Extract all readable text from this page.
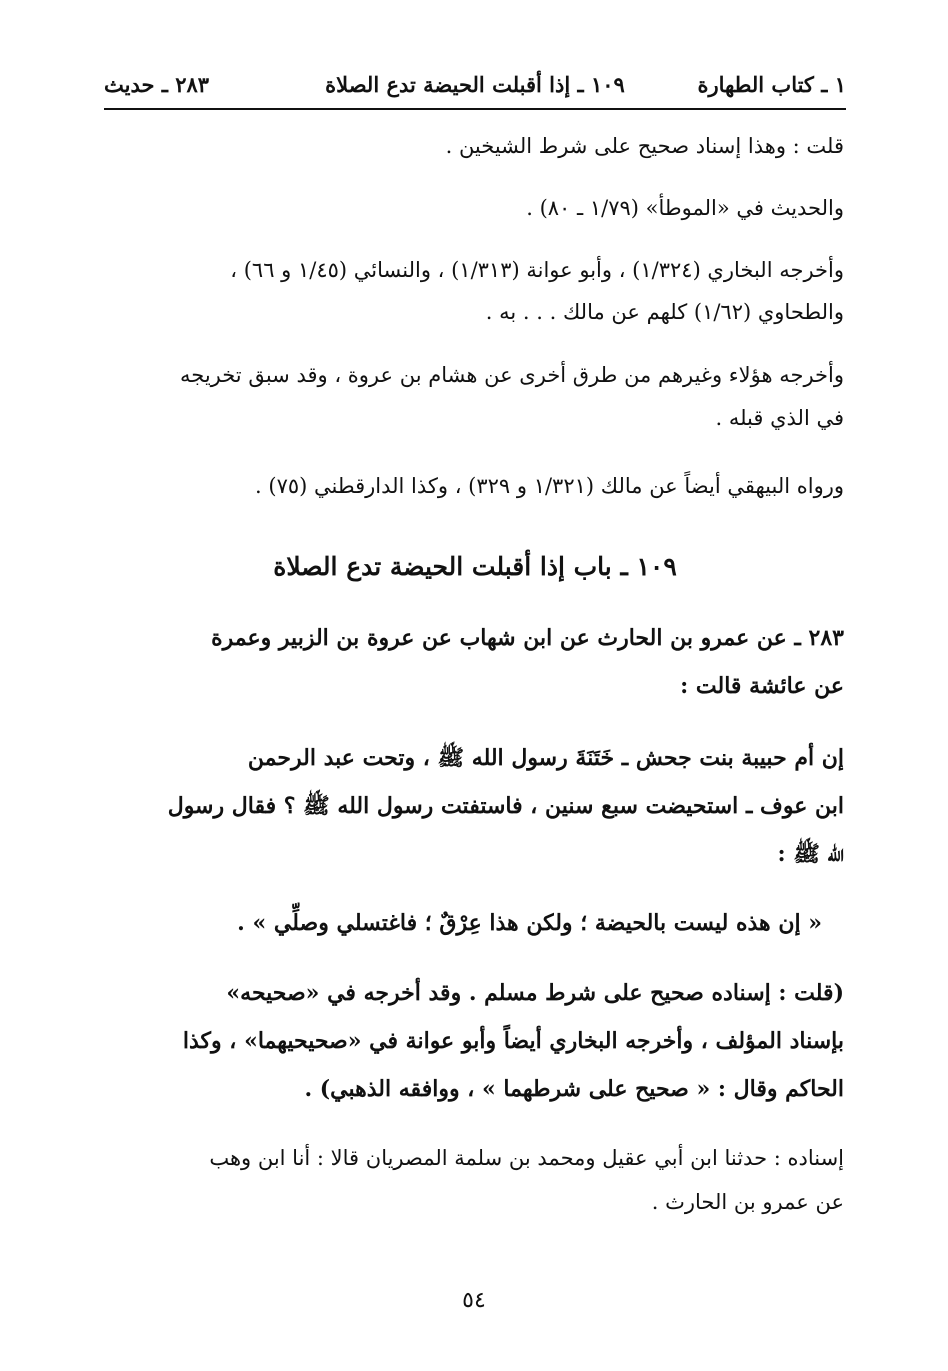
١ ـ كتاب الطهارة
١٠٩ ـ إذا أقبلت الحيضة تدع الصلاة
٢٨٣ ـ حديث
قلت : وهذا إسناد صحيح على شرط الشيخين .
والحديث في «الموطأ» (١/٧٩ ـ ٨٠) .
وأخرجه البخاري (١/٣٢٤) ، وأبو عوانة (١/٣١٣) ، والنسائي (١/٤٥ و ٦٦) ،
والطحاوي (١/٦٢) كلهم عن مالك . . . به .
وأخرجه هؤلاء وغيرهم من طرق أخرى عن هشام بن عروة ، وقد سبق تخريجه
في الذي قبله .
ورواه البيهقي أيضاً عن مالك (١/٣٢١ و ٣٢٩) ، وكذا الدارقطني (٧٥) .
١٠٩ ـ باب إذا أقبلت الحيضة تدع الصلاة
٢٨٣ ـ عن عمرو بن الحارث عن ابن شهاب عن عروة بن الزبير وعمرة
عن عائشة قالت :
إن أم حبيبة بنت جحش ـ خَتَنَةَ رسول الله ﷺ ، وتحت عبد الرحمن
ابن عوف ـ استحيضت سبع سنين ، فاستفتت رسول الله ﷺ ؟ فقال رسول
الله ﷺ :
« إن هذه ليست بالحيضة ؛ ولكن هذا عِرْقٌ ؛ فاغتسلي وصلِّي » .
(قلت : إسناده صحيح على شرط مسلم . وقد أخرجه في «صحيحه»
بإسناد المؤلف ، وأخرجه البخاري أيضاً وأبو عوانة في «صحيحيهما» ، وكذا
الحاكم وقال : « صحيح على شرطهما » ، ووافقه الذهبي) .
إسناده : حدثنا ابن أبي عقيل ومحمد بن سلمة المصريان قالا : أنا ابن وهب
عن عمرو بن الحارث .
٥٤
